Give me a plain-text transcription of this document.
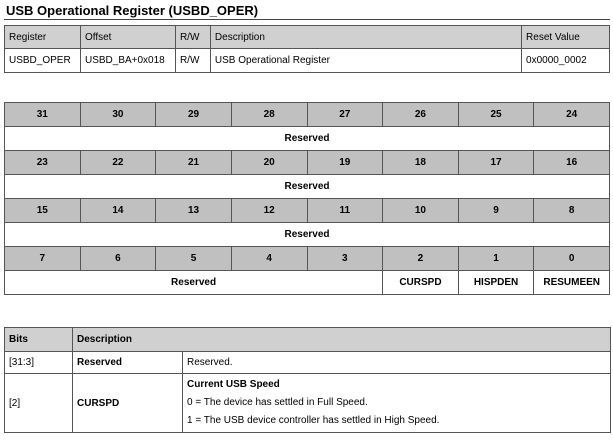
USB Operational Register (USBD_OPER)
Register	Offset	R/W	Description	Reset Value
USBD_OPER	USBD_BA+0x018	R/W	USB Operational Register	0x0000_0002
31	30	29	28	27	26	25	24
Reserved							
23	22	21	20	19	18	17	16
Reserved							
15	14	13	12	11	10	9	8
Reserved							
7	6	5	4	3	2	1	0
Reserved					CURSPD	HISPDEN	RESUMEEN
Bits	Description	
[31:3]	Reserved	Reserved.

[2]	CURSPD	Current USB Speed
0 = The device has settled in Full Speed.
1 = The USB device controller has settled in High Speed.
